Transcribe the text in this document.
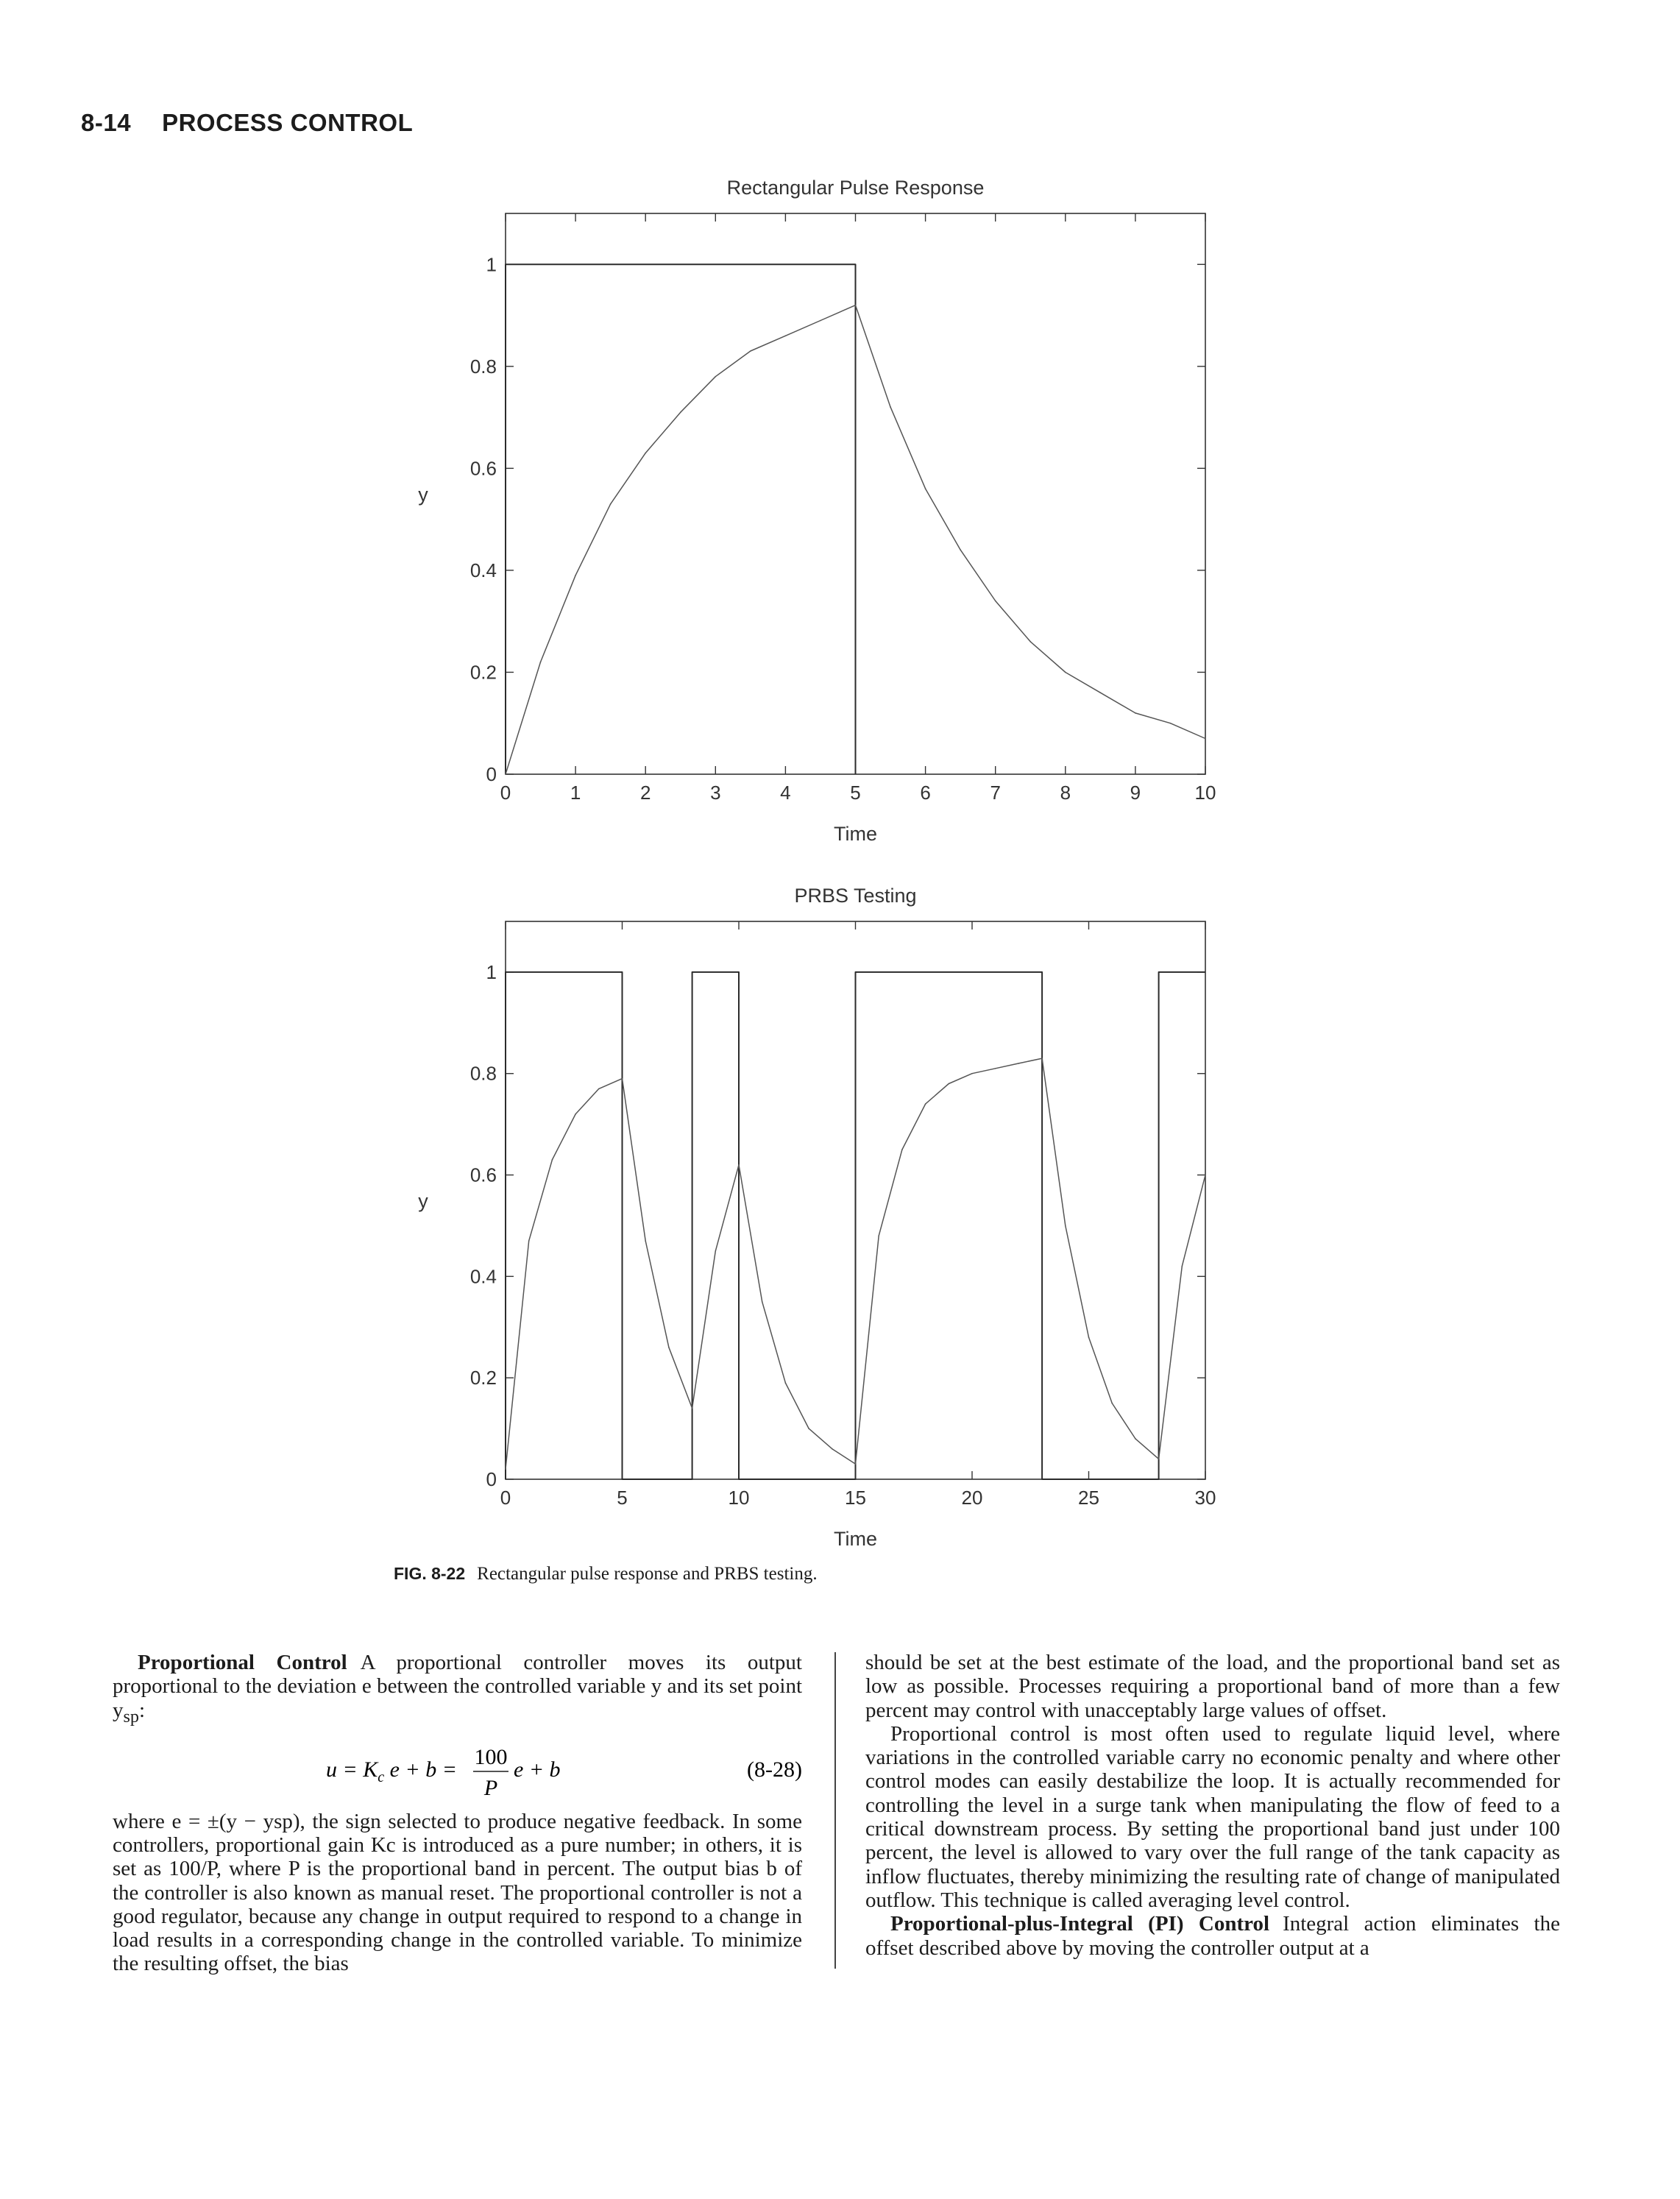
8-14 PROCESS CONTROL
Rectangular Pulse Response
Time
y
0	1	2	3	4	5	6	7	8	9	10
0
0.2
0.4
0.6
0.8
1
PRBS Testing
Time
y
0	5	10	15	20	25	30
0
0.2
0.4
0.6
0.8
1
FIG. 8-22 Rectangular pulse response and PRBS testing.

Proportional Control A proportional controller moves its output proportional to the deviation e between the controlled variable y and its set point $y_{sp}$:

$u = K_c$ e + b =
100
P
e + b	(8-28)

where e = ±(y − ysp), the sign selected to produce negative feedback. In some controllers, proportional gain Kc is introduced as a pure number; in others, it is set as 100/P, where P is the proportional band in percent. The output bias b of the controller is also known as manual reset. The proportional controller is not a good regulator, because any change in output required to respond to a change in load results in a corresponding change in the controlled variable. To minimize the resulting offset, the bias

should be set at the best estimate of the load, and the proportional band set as low as possible. Processes requiring a proportional band of more than a few percent may control with unacceptably large values of offset.

Proportional control is most often used to regulate liquid level, where variations in the controlled variable carry no economic penalty and where other control modes can easily destabilize the loop. It is actually recommended for controlling the level in a surge tank when manipulating the flow of feed to a critical downstream process. By setting the proportional band just under 100 percent, the level is allowed to vary over the full range of the tank capacity as inflow fluctuates, thereby minimizing the resulting rate of change of manipulated outflow. This technique is called averaging level control.

Proportional-plus-Integral (PI) Control Integral action eliminates the offset described above by moving the controller output at a
